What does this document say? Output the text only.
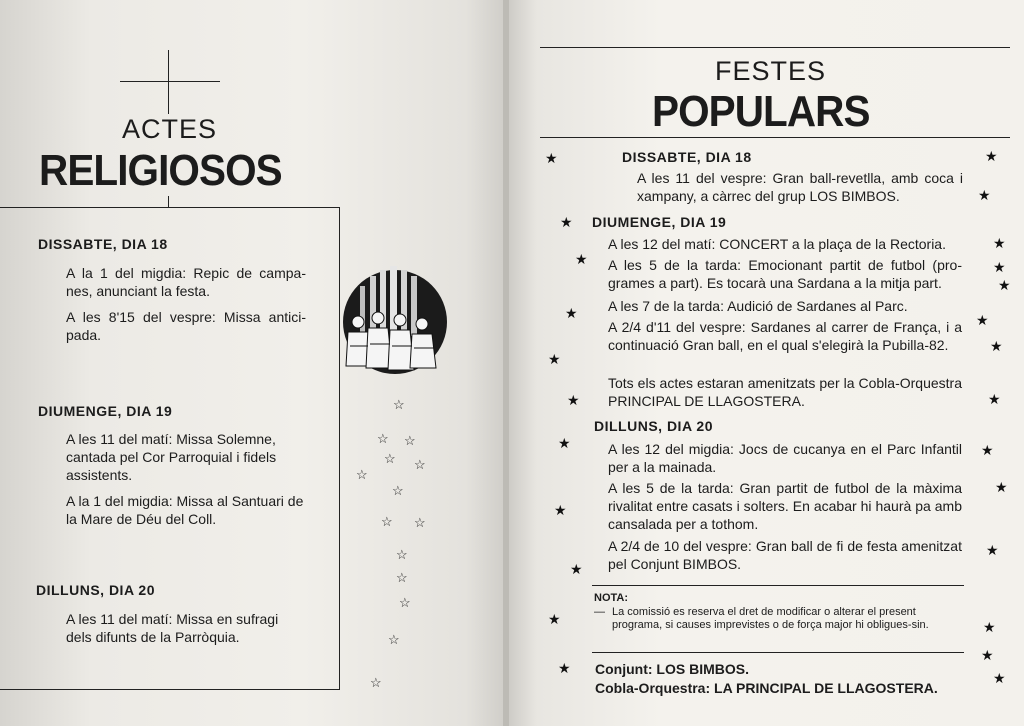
ACTES
RELIGIOSOS
DISSABTE, DIA 18
A la 1 del migdia: Repic de campa-nes, anunciant la festa.
A les 8'15 del vespre: Missa antici-pada.
DIUMENGE, DIA 19
A les 11 del matí: Missa Solemne, cantada pel Cor Parroquial i fidels assistents.
A la 1 del migdia: Missa al Santuari de la Mare de Déu del Coll.
DILLUNS, DIA 20
A les 11 del matí: Missa en sufragi dels difunts de la Parròquia.
☆
☆ ☆
☆ ☆
☆
☆
☆ ☆
☆
☆
☆
☆
☆
FESTES
POPULARS
DISSABTE, DIA 18
A les 11 del vespre: Gran ball-revetlla, amb coca i xampany, a càrrec del grup LOS BIMBOS.
DIUMENGE, DIA 19
A les 12 del matí: CONCERT a la plaça de la Rectoria.
A les 5 de la tarda: Emocionant partit de futbol (pro-grames a part). Es tocarà una Sardana a la mitja part.
A les 7 de la tarda: Audició de Sardanes al Parc.
A 2/4 d'11 del vespre: Sardanes al carrer de França, i a continuació Gran ball, en el qual s'elegirà la Pubilla-82.
Tots els actes estaran amenitzats per la Cobla-Orquestra PRINCIPAL DE LLAGOSTERA.
DILLUNS, DIA 20
A les 12 del migdia: Jocs de cucanya en el Parc Infantil per a la mainada.
A les 5 de la tarda: Gran partit de futbol de la màxima rivalitat entre casats i solters. En acabar hi haurà pa amb cansalada per a tothom.
A 2/4 de 10 del vespre: Gran ball de fi de festa amenitzat pel Conjunt BIMBOS.
NOTA:
— La comissió es reserva el dret de modificar o alterar el present programa, si causes imprevistes o de força major hi obligues-sin.
Conjunt: LOS BIMBOS.
Cobla-Orquestra: LA PRINCIPAL DE LLAGOSTERA.
★	★
★
★
★
★	★
★
★	★
★
★
★	★
★	★
★
★
★
★
★	★
★
★
★
